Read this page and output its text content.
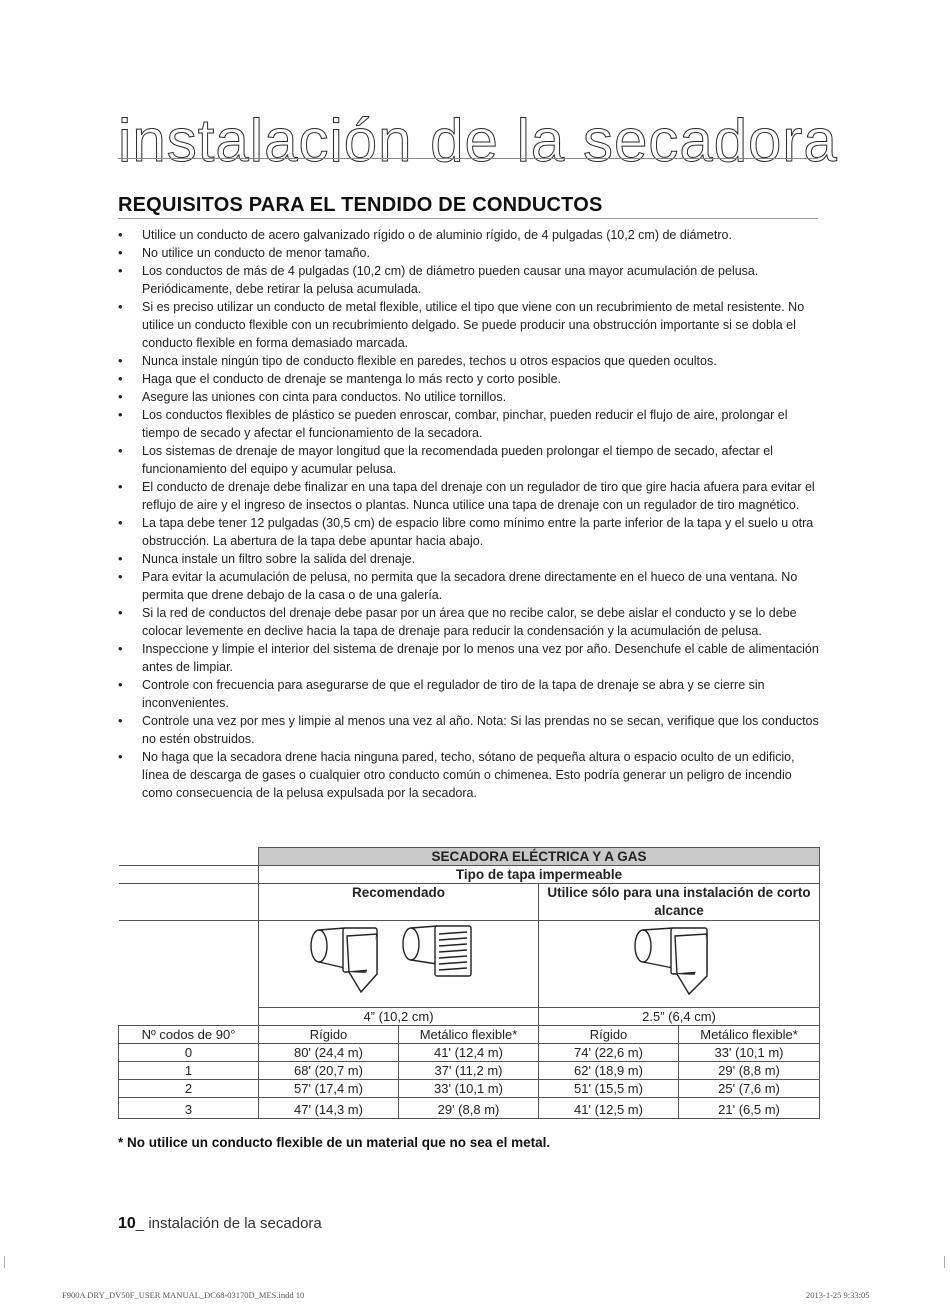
instalación de la secadora
REQUISITOS PARA EL TENDIDO DE CONDUCTOS
• Utilice un conducto de acero galvanizado rígido o de aluminio rígido, de 4 pulgadas (10,2 cm) de diámetro.
• No utilice un conducto de menor tamaño.
• Los conductos de más de 4 pulgadas (10,2 cm) de diámetro pueden causar una mayor acumulación de pelusa. Periódicamente, debe retirar la pelusa acumulada.
• Si es preciso utilizar un conducto de metal flexible, utilice el tipo que viene con un recubrimiento de metal resistente. No utilice un conducto flexible con un recubrimiento delgado. Se puede producir una obstrucción importante si se dobla el conducto flexible en forma demasiado marcada.
• Nunca instale ningún tipo de conducto flexible en paredes, techos u otros espacios que queden ocultos.
• Haga que el conducto de drenaje se mantenga lo más recto y corto posible.
• Asegure las uniones con cinta para conductos. No utilice tornillos.
• Los conductos flexibles de plástico se pueden enroscar, combar, pinchar, pueden reducir el flujo de aire, prolongar el tiempo de secado y afectar el funcionamiento de la secadora.
• Los sistemas de drenaje de mayor longitud que la recomendada pueden prolongar el tiempo de secado, afectar el funcionamiento del equipo y acumular pelusa.
• El conducto de drenaje debe finalizar en una tapa del drenaje con un regulador de tiro que gire hacia afuera para evitar el reflujo de aire y el ingreso de insectos o plantas. Nunca utilice una tapa de drenaje con un regulador de tiro magnético.
• La tapa debe tener 12 pulgadas (30,5 cm) de espacio libre como mínimo entre la parte inferior de la tapa y el suelo u otra obstrucción. La abertura de la tapa debe apuntar hacia abajo.
• Nunca instale un filtro sobre la salida del drenaje.
• Para evitar la acumulación de pelusa, no permita que la secadora drene directamente en el hueco de una ventana. No permita que drene debajo de la casa o de una galería.
• Si la red de conductos del drenaje debe pasar por un área que no recibe calor, se debe aislar el conducto y se lo debe colocar levemente en declive hacia la tapa de drenaje para reducir la condensación y la acumulación de pelusa.
• Inspeccione y limpie el interior del sistema de drenaje por lo menos una vez por año. Desenchufe el cable de alimentación antes de limpiar.
• Controle con frecuencia para asegurarse de que el regulador de tiro de la tapa de drenaje se abra y se cierre sin inconvenientes.
• Controle una vez por mes y limpie al menos una vez al año. Nota: Si las prendas no se secan, verifique que los conductos no estén obstruidos.
• No haga que la secadora drene hacia ninguna pared, techo, sótano de pequeña altura o espacio oculto de un edificio, línea de descarga de gases o cualquier otro conducto común o chimenea. Esto podría generar un peligro de incendio como consecuencia de la pelusa expulsada por la secadora.
	SECADORA ELÉCTRICA Y A GAS			
	Tipo de tapa impermeable			
	Recomendado		Utilice sólo para una instalación de corto alcance	

	4” (10,2 cm)		2.5” (6,4 cm)	
Nº codos de 90°	Rígido	Metálico flexible*	Rígido	Metálico flexible*
0	80' (24,4 m)	41' (12,4 m)	74' (22,6 m)	33' (10,1 m)
1	68' (20,7 m)	37' (11,2 m)	62' (18,9 m)	29' (8,8 m)
2	57' (17,4 m)	33' (10,1 m)	51' (15,5 m)	25' (7,6 m)
3	47' (14,3 m)	29' (8,8 m)	41' (12,5 m)	21' (6,5 m)

* No utilice un conducto flexible de un material que no sea el metal.

10_ instalación de la secadora
F900A DRY_DV50F_USER MANUAL_DC68-03170D_MES.indd 10	2013-1-25 9:33:05
